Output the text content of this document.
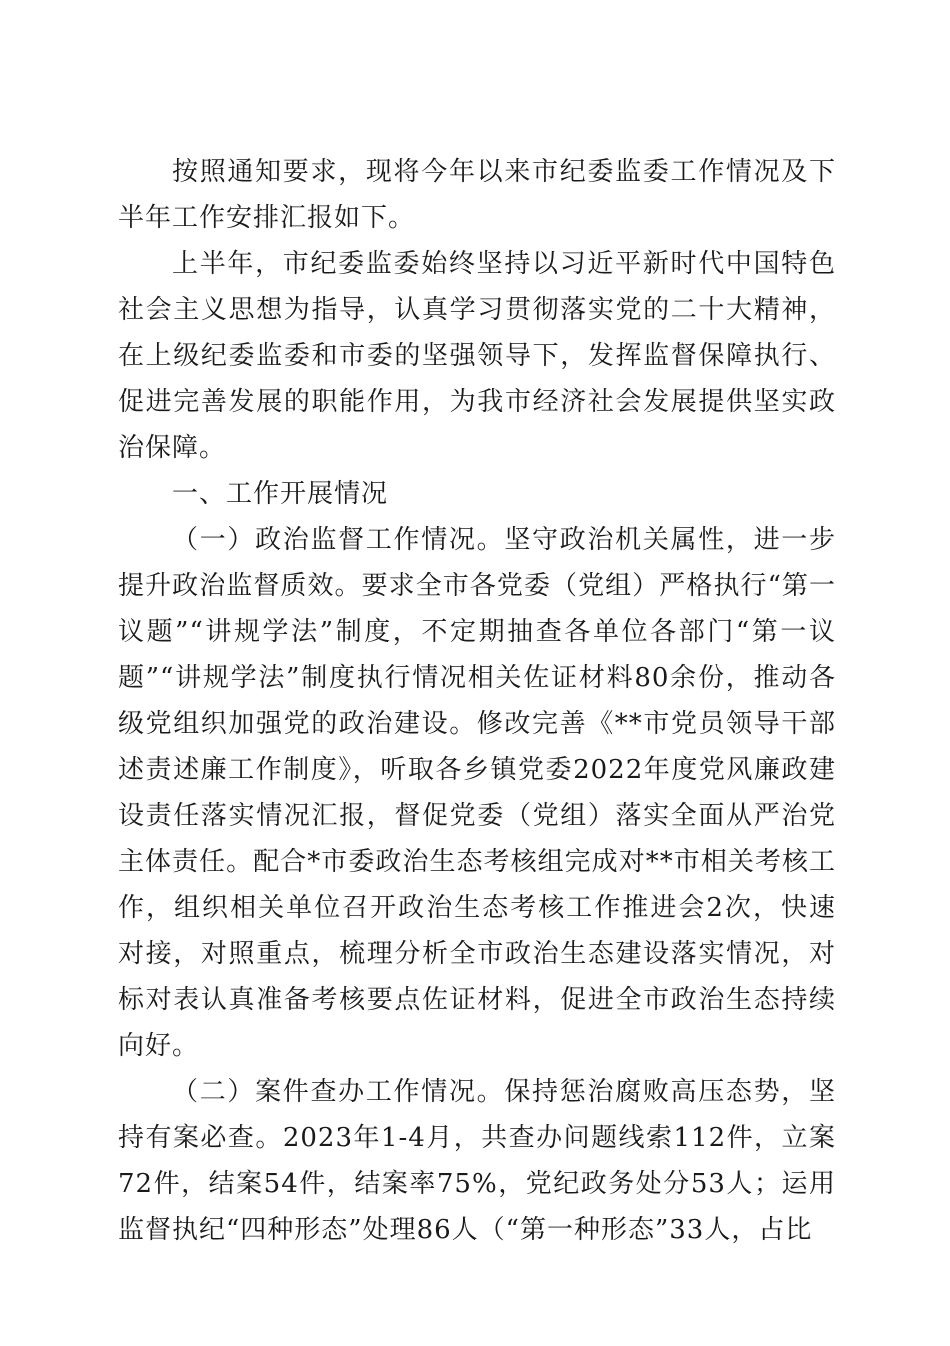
按照通知要求，现将今年以来市纪委监委工作情况及下半年工作安排汇报如下。

上半年，市纪委监委始终坚持以习近平新时代中国特色社会主义思想为指导，认真学习贯彻落实党的二十大精神，在上级纪委监委和市委的坚强领导下，发挥监督保障执行、促进完善发展的职能作用，为我市经济社会发展提供坚实政治保障。

一、工作开展情况

（一）政治监督工作情况。坚守政治机关属性，进一步提升政治监督质效。要求全市各党委（党组）严格执行“第一议题”“讲规学法”制度，不定期抽查各单位各部门“第一议题”“讲规学法”制度执行情况相关佐证材料80余份，推动各级党组织加强党的政治建设。修改完善《**市党员领导干部述责述廉工作制度》，听取各乡镇党委2022年度党风廉政建设责任落实情况汇报，督促党委（党组）落实全面从严治党主体责任。配合*市委政治生态考核组完成对**市相关考核工作，组织相关单位召开政治生态考核工作推进会2次，快速对接，对照重点，梳理分析全市政治生态建设落实情况，对标对表认真准备考核要点佐证材料，促进全市政治生态持续向好。

（二）案件查办工作情况。保持惩治腐败高压态势，坚持有案必查。2023年1-4月，共查办问题线索112件，立案72件，结案54件，结案率75%，党纪政务处分53人；运用监督执纪“四种形态”处理86人（“第一种形态”33人，占比
